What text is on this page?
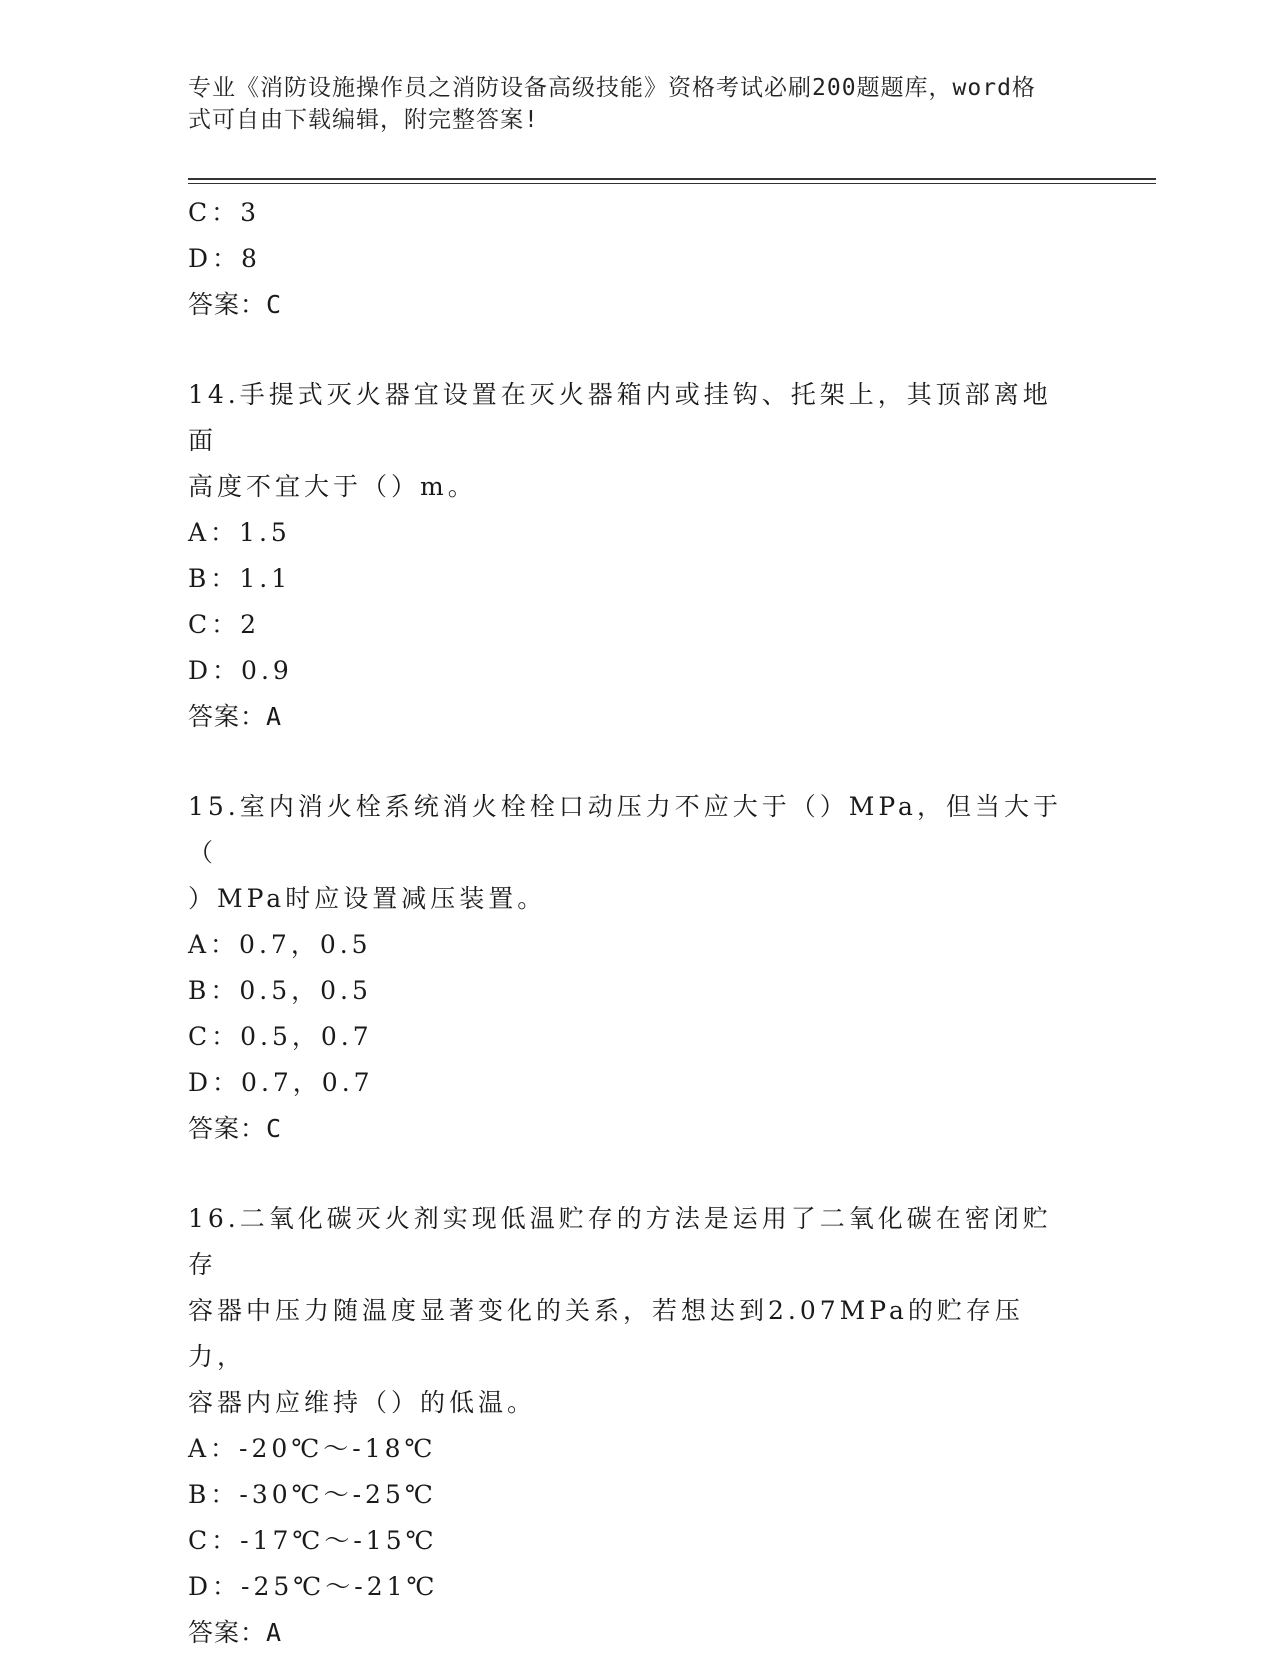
专业《消防设施操作员之消防设备高级技能》资格考试必刷200题题库，word格
式可自由下载编辑，附完整答案!
C：3
D：8
答案：C
14.手提式灭火器宜设置在灭火器箱内或挂钩、托架上，其顶部离地面
高度不宜大于（）m。
A：1.5
B：1.1
C：2
D：0.9
答案：A
15.室内消火栓系统消火栓栓口动压力不应大于（）MPa，但当大于（
）MPa时应设置减压装置。
A：0.7，0.5
B：0.5，0.5
C：0.5，0.7
D：0.7，0.7
答案：C
16.二氧化碳灭火剂实现低温贮存的方法是运用了二氧化碳在密闭贮存
容器中压力随温度显著变化的关系，若想达到2.07MPa的贮存压力，
容器内应维持（）的低温。
A：-20℃～-18℃
B：-30℃～-25℃
C：-17℃～-15℃
D：-25℃～-21℃
答案：A
